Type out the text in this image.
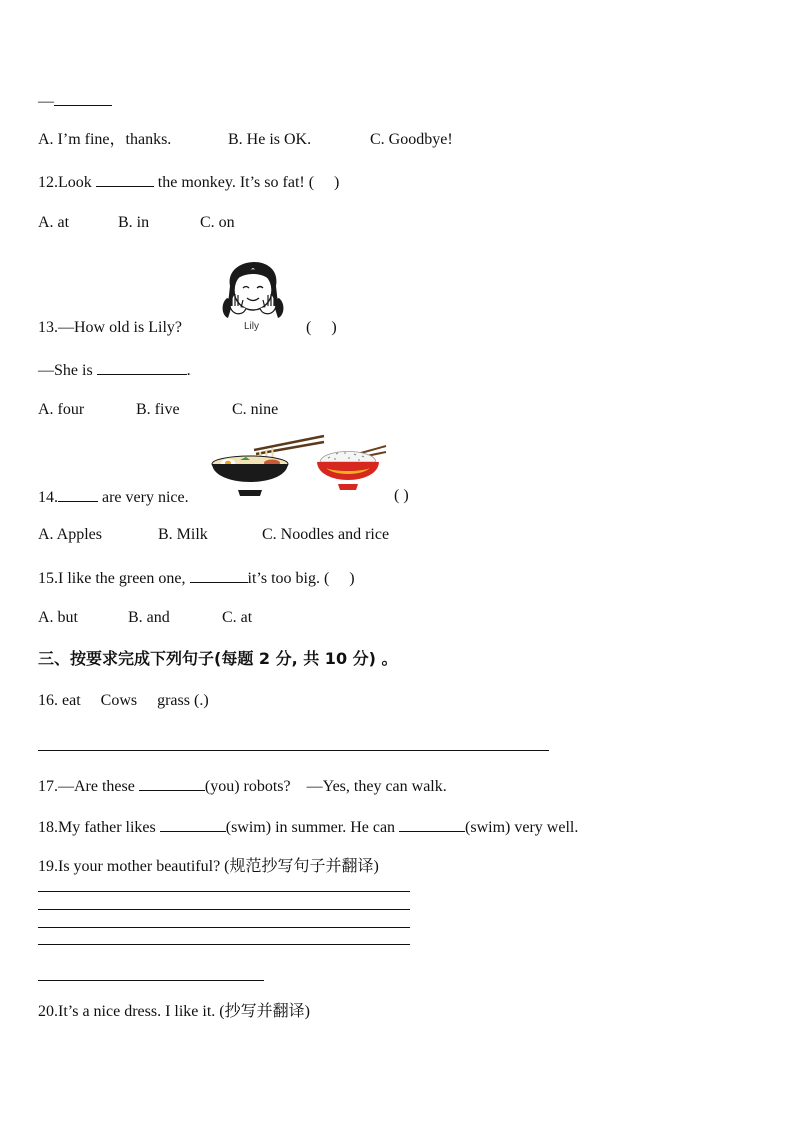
—
A. I’m fine，thanks.	B. He is OK.	C. Goodbye!
12.Look	the monkey. It’s so fat! (　 )
A. at	B. in	C. on
Lily
13.—How old is Lily?	(　 )
—She is	.
A. four	B. five	C. nine
14.	are very nice.	( )
A. Apples	B. Milk	C. Noodles and rice
15.I like the green one,	it’s too big. (　 )
A. but	B. and	C. at
三、按要求完成下列句子(每题 2 分, 共 10 分) 。
16. eat　 Cows　 grass (.)
17.—Are these	(you) robots?　—Yes, they can walk.
18.My father likes	(swim) in summer. He can	(swim) very well.
19.Is your mother beautiful? (规范抄写句子并翻译)
20.It’s a nice dress. I like it. (抄写并翻译)
